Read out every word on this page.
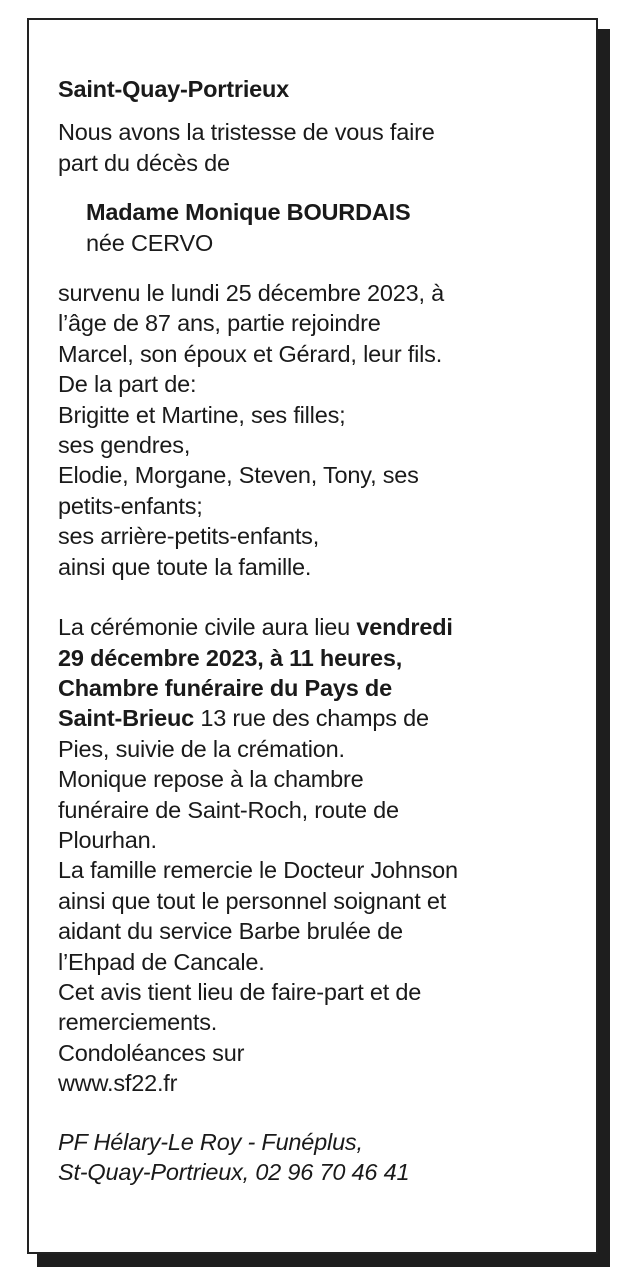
Saint-Quay-Portrieux

Nous avons la tristesse de vous faire
part du décès de

Madame Monique BOURDAIS
née CERVO

survenu le lundi 25 décembre 2023, à
l’âge de 87 ans, partie rejoindre
Marcel, son époux et Gérard, leur fils.
De la part de:
Brigitte et Martine, ses filles;
ses gendres,
Elodie, Morgane, Steven, Tony, ses
petits-enfants;
ses arrière-petits-enfants,
ainsi que toute la famille.

La cérémonie civile aura lieu vendredi
29 décembre 2023, à 11 heures,
Chambre funéraire du Pays de
Saint-Brieuc 13 rue des champs de
Pies, suivie de la crémation.
Monique repose à la chambre
funéraire de Saint-Roch, route de
Plourhan.
La famille remercie le Docteur Johnson
ainsi que tout le personnel soignant et
aidant du service Barbe brulée de
l’Ehpad de Cancale.
Cet avis tient lieu de faire-part et de
remerciements.
Condoléances sur
www.sf22.fr

PF Hélary-Le Roy - Funéplus,
St-Quay-Portrieux, 02 96 70 46 41
